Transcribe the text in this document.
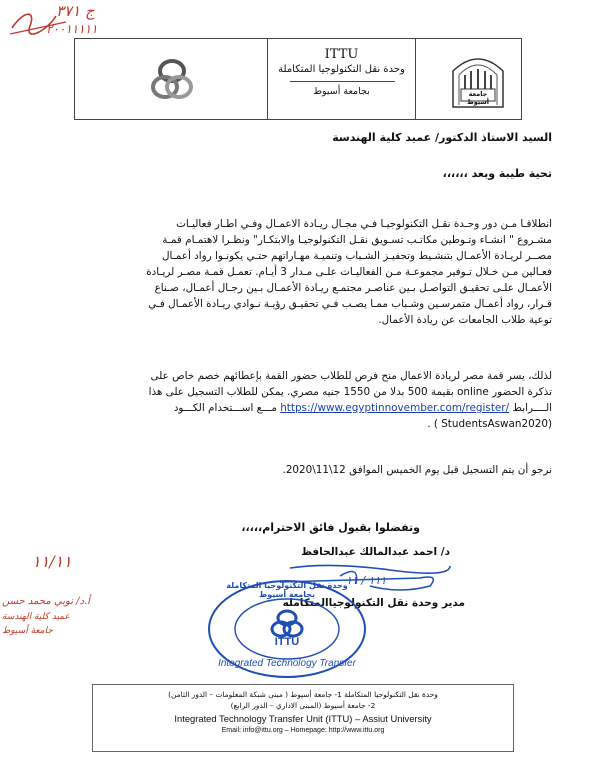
ج ٣٧١
٢٠٠١١١١١
ITTU
وحدة نقل التكنولوجيا المتكاملة
بجامعة أسيوط	جامعة أسيوط
السيد الاستاذ الدكتور/ عميد كلية الهندسة
تحية طيبة وبعد ،،،،،،
انطلاقـا مـن دور وحـدة نقـل التكنولوجيـا فـي مجـال ريـادة الاعمـال وفـي اطـار فعاليـات
مشـروع " انشـاء وتـوطين مكاتـب تسـويق نقـل التكنولوجيـا والابتكـار" ونظـرا لاهتمـام قمـة
مصــر لريـادة الأعمـال بتنشـيط وتحفيـز الشـباب وتنميـة مهـاراتهم حتـي يكونـوا رواد أعمـال
فعـالين مـن خـلال تـوفير مجموعـة مـن الفعاليـات علـى مـدار 3 أيـام. تعمـل قمـة مصـر لريـادة
الأعمـال علـى تحقيـق التواصـل بـين عناصـر مجتمـع ريـادة الأعمـال بـين رجـال أعمـال، صـناع
قـرار، رواد أعمـال متمرسـين وشـباب ممـا يصـب فـي تحقيـق رؤيـة نـوادي ريـادة الأعمـال فـي
توعية طلاب الجامعات عن ريادة الأعمال.
لذلك، يسر قمة مصر لريادة الاعمال منح فرص للطلاب حضور القمة بإعطائهم خصم خاص على
تذكرة الحضور online بقيمة 500 بدلا من 1550 جنيه مصري. يمكن للطلاب التسجيل على هذا
الــــرابط https://www.egyptinnovember.com/register/ مـــع اســـتخدام الكـــود
(StudentsAswan2020 ) .
نرجو أن يتم التسجيل قبل يوم الخميس الموافق 12\11\2020.
وتفضلوا بقبول فائق الاحترام،،،،،
د/ احمد عبدالمالك عبدالحافظ
١١١ / ١١
مدير وحدة نقل التكنولوجياالمتكامله
١١/١١
أ.د/ نوبي محمد حسن
عميد كلية الهندسة
جامعة أسيوط
وحدة نقل التكنولوجيا المتكاملة بجامعة أسيوط
ITTU
Integrated Technology Transfer
وحدة نقل التكنولوجيا المتكاملة 1- جامعة أسيوط ( مبنى شبكة المعلومات – الدور الثامن)
2- جامعة أسيوط (المبنى الاداري – الدور الرابع)
Integrated Technology Transfer Unit (ITTU) – Assiut University
Email: info@ittu.org – Homepage: http://www.ittu.org
